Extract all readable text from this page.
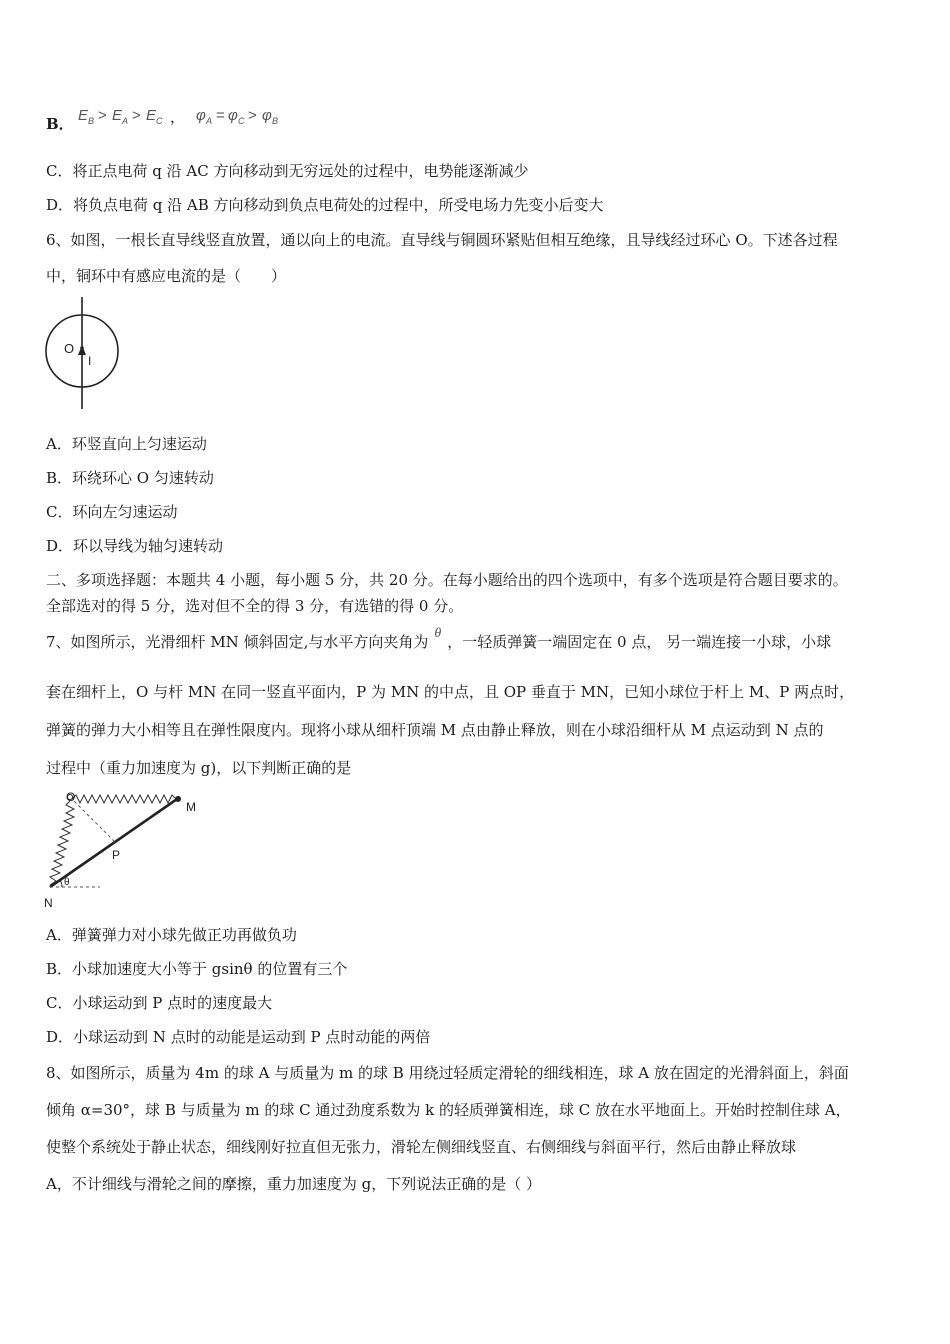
B． E B > E A > E C ， φ A = φ C > φ B
C．将正点电荷 q 沿 AC 方向移动到无穷远处的过程中，电势能逐渐减少
D．将负点电荷 q 沿 AB 方向移动到负点电荷处的过程中，所受电场力先变小后变大
6、如图，一根长直导线竖直放置，通以向上的电流。直导线与铜圆环紧贴但相互绝缘，且导线经过环心 O。下述各过程
中，铜环中有感应电流的是（　　）
O
I
A．环竖直向上匀速运动
B．环绕环心 O 匀速转动
C．环向左匀速运动
D．环以导线为轴匀速转动
二、多项选择题：本题共 4 小题，每小题 5 分，共 20 分。在每小题给出的四个选项中，有多个选项是符合题目要求的。
全部选对的得 5 分，选对但不全的得 3 分，有选错的得 0 分。
7、如图所示，光滑细杆 MN 倾斜固定,与水平方向夹角为 θ ，一轻质弹簧一端固定在 0 点， 另一端连接一小球，小球
套在细杆上，O 与杆 MN 在同一竖直平面内，P 为 MN 的中点，且 OP 垂直于 MN，已知小球位于杆上 M、P 两点时，
弹簧的弹力大小相等且在弹性限度内。现将小球从细杆顶端 M 点由静止释放，则在小球沿细杆从 M 点运动到 N 点的
过程中（重力加速度为 g)，以下判断正确的是
O
M
P
N
θ
A．弹簧弹力对小球先做正功再做负功
B．小球加速度大小等于 gsinθ 的位置有三个
C．小球运动到 P 点时的速度最大
D．小球运动到 N 点时的动能是运动到 P 点时动能的两倍
8、如图所示，质量为 4m 的球 A 与质量为 m 的球 B 用绕过轻质定滑轮的细线相连，球 A 放在固定的光滑斜面上，斜面
倾角 α=30°，球 B 与质量为 m 的球 C 通过劲度系数为 k 的轻质弹簧相连，球 C 放在水平地面上。开始时控制住球 A，
使整个系统处于静止状态，细线刚好拉直但无张力，滑轮左侧细线竖直、右侧细线与斜面平行，然后由静止释放球
A，不计细线与滑轮之间的摩擦，重力加速度为 g，下列说法正确的是（ ）
